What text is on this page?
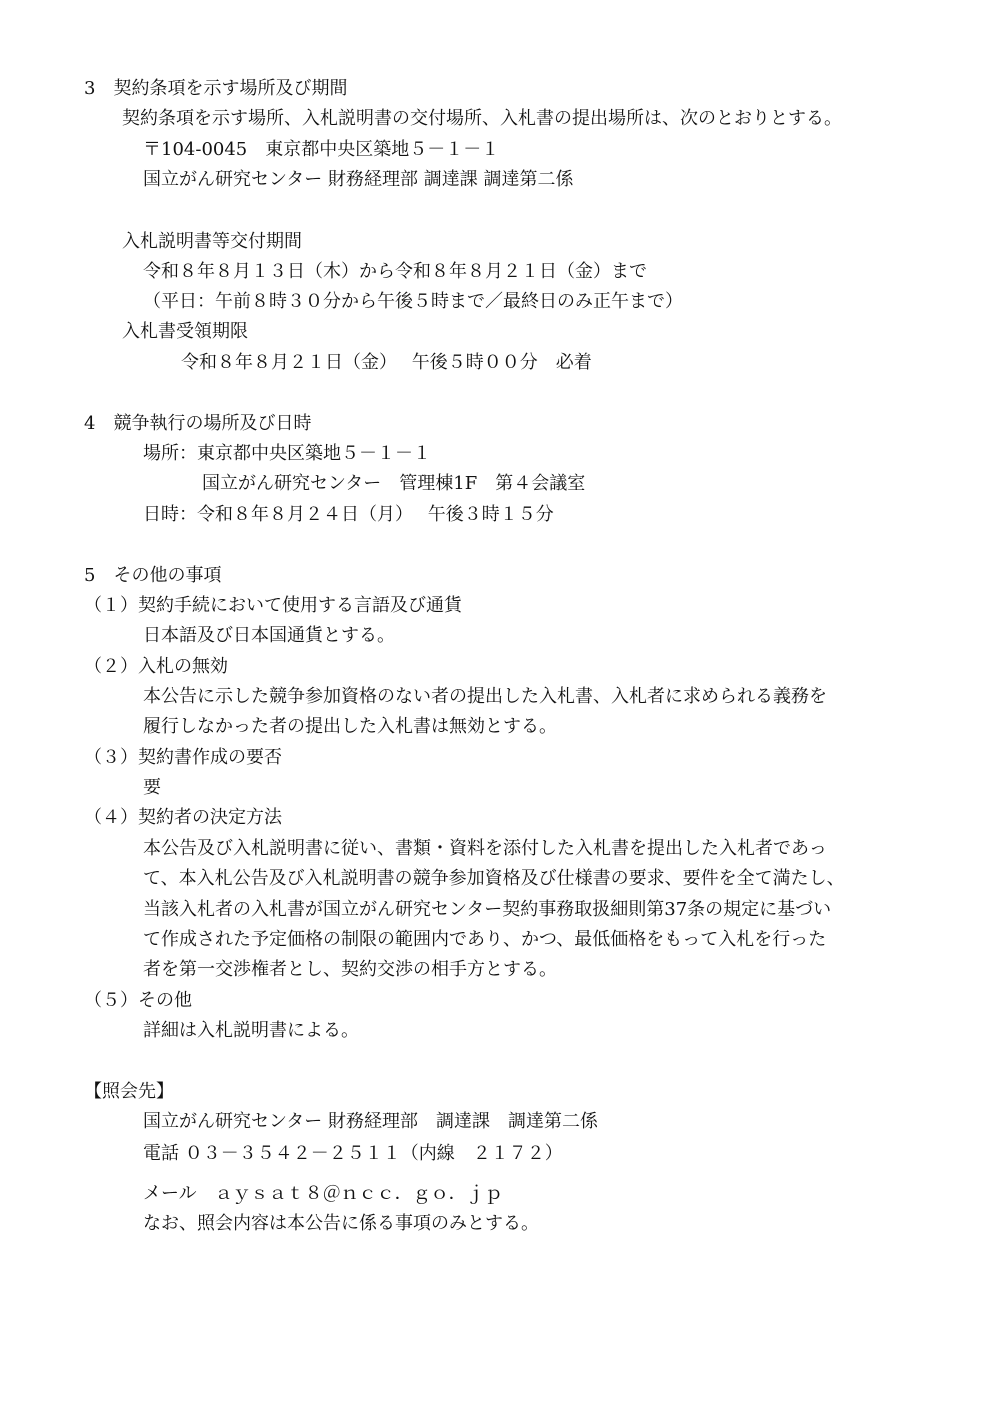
3　契約条項を示す場所及び期間
契約条項を示す場所、入札説明書の交付場所、入札書の提出場所は、次のとおりとする。
〒104-0045　東京都中央区築地５－１－１
国立がん研究センター 財務経理部 調達課 調達第二係
入札説明書等交付期間
令和８年８月１３日（木）から令和８年８月２１日（金）まで
（平日：午前８時３０分から午後５時まで／最終日のみ正午まで）
入札書受領期限
令和８年８月２１日（金）　 午後５時００分　必着
4　競争執行の場所及び日時
場所：東京都中央区築地５－１－１
国立がん研究センター　管理棟1F　第４会議室
日時：令和８年８月２４日（月）　 午後３時１５分
5　その他の事項
（１）契約手続において使用する言語及び通貨
日本語及び日本国通貨とする。
（２）入札の無効
本公告に示した競争参加資格のない者の提出した入札書、入札者に求められる義務を
履行しなかった者の提出した入札書は無効とする。
（３）契約書作成の要否
要
（４）契約者の決定方法
本公告及び入札説明書に従い、書類・資料を添付した入札書を提出した入札者であっ
て、本入札公告及び入札説明書の競争参加資格及び仕様書の要求、要件を全て満たし、
当該入札者の入札書が国立がん研究センター契約事務取扱細則第37条の規定に基づい
て作成された予定価格の制限の範囲内であり、かつ、最低価格をもって入札を行った
者を第一交渉権者とし、契約交渉の相手方とする。
（５）その他
詳細は入札説明書による。
【照会先】
国立がん研究センター 財務経理部　調達課　調達第二係
電話 ０３－３５４２－２５１１（内線　２１７２）
メール　ａｙｓａｔ８＠ｎｃｃ．ｇｏ．ｊｐ
なお、照会内容は本公告に係る事項のみとする。
